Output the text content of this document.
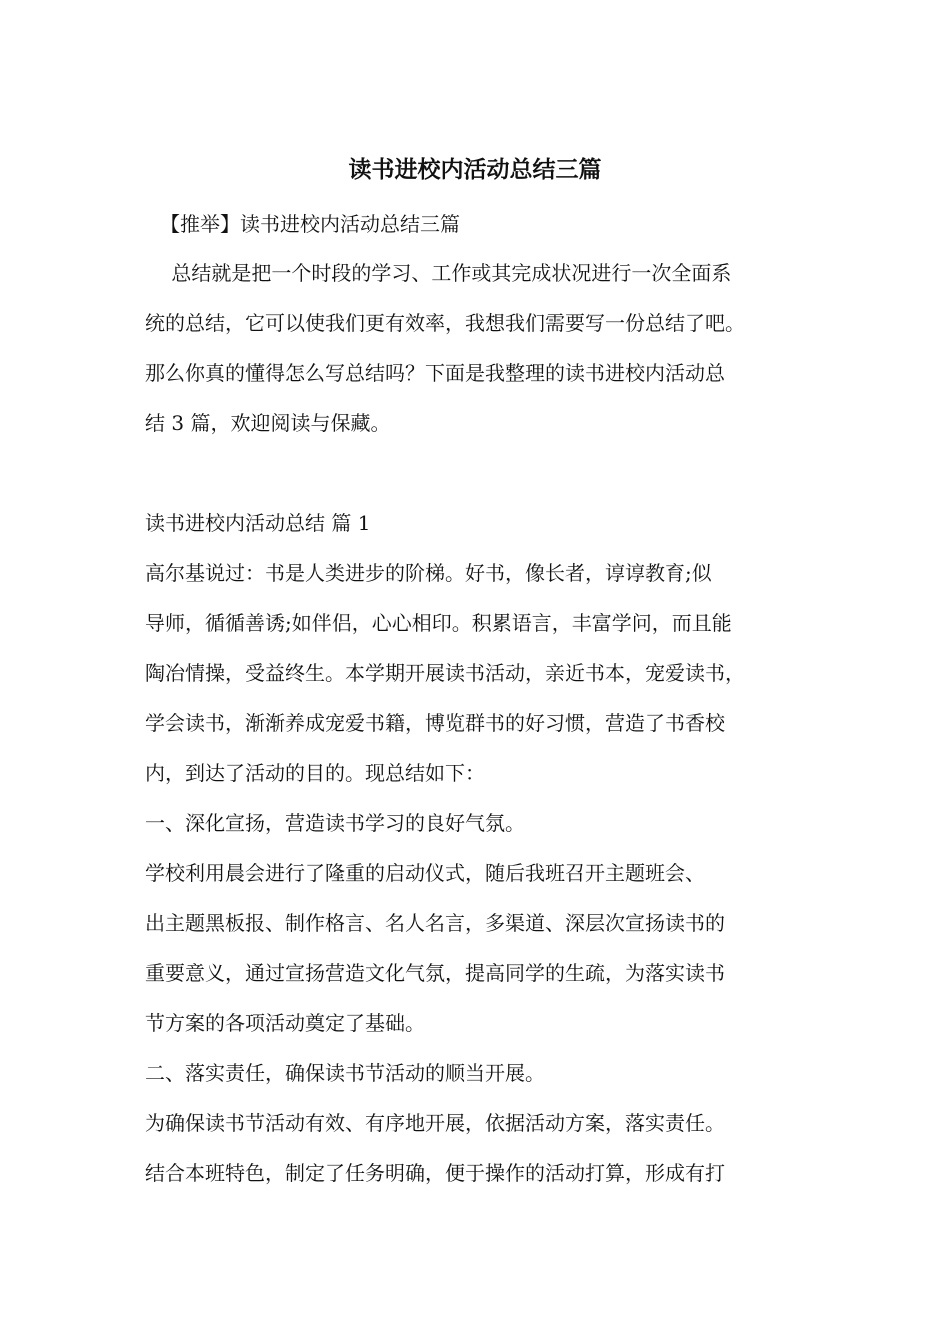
读书进校内活动总结三篇

【推举】读书进校内活动总结三篇

　 总结就是把一个时段的学习、工作或其完成状况进行一次全面系

统的总结，它可以使我们更有效率，我想我们需要写一份总结了吧。

那么你真的懂得怎么写总结吗？下面是我整理的读书进校内活动总

结 3 篇，欢迎阅读与保藏。

读书进校内活动总结 篇 1

高尔基说过：书是人类进步的阶梯。好书，像长者，谆谆教育;似

导师，循循善诱;如伴侣，心心相印。积累语言，丰富学问，而且能

陶冶情操，受益终生。本学期开展读书活动，亲近书本，宠爱读书，

学会读书，渐渐养成宠爱书籍，博览群书的好习惯，营造了书香校

内，到达了活动的目的。现总结如下：

一、深化宣扬，营造读书学习的良好气氛。

学校利用晨会进行了隆重的启动仪式，随后我班召开主题班会、

出主题黑板报、制作格言、名人名言，多渠道、深层次宣扬读书的

重要意义，通过宣扬营造文化气氛，提高同学的生疏，为落实读书

节方案的各项活动奠定了基础。

二、落实责任，确保读书节活动的顺当开展。

为确保读书节活动有效、有序地开展，依据活动方案，落实责任。

结合本班特色，制定了任务明确，便于操作的活动打算，形成有打
